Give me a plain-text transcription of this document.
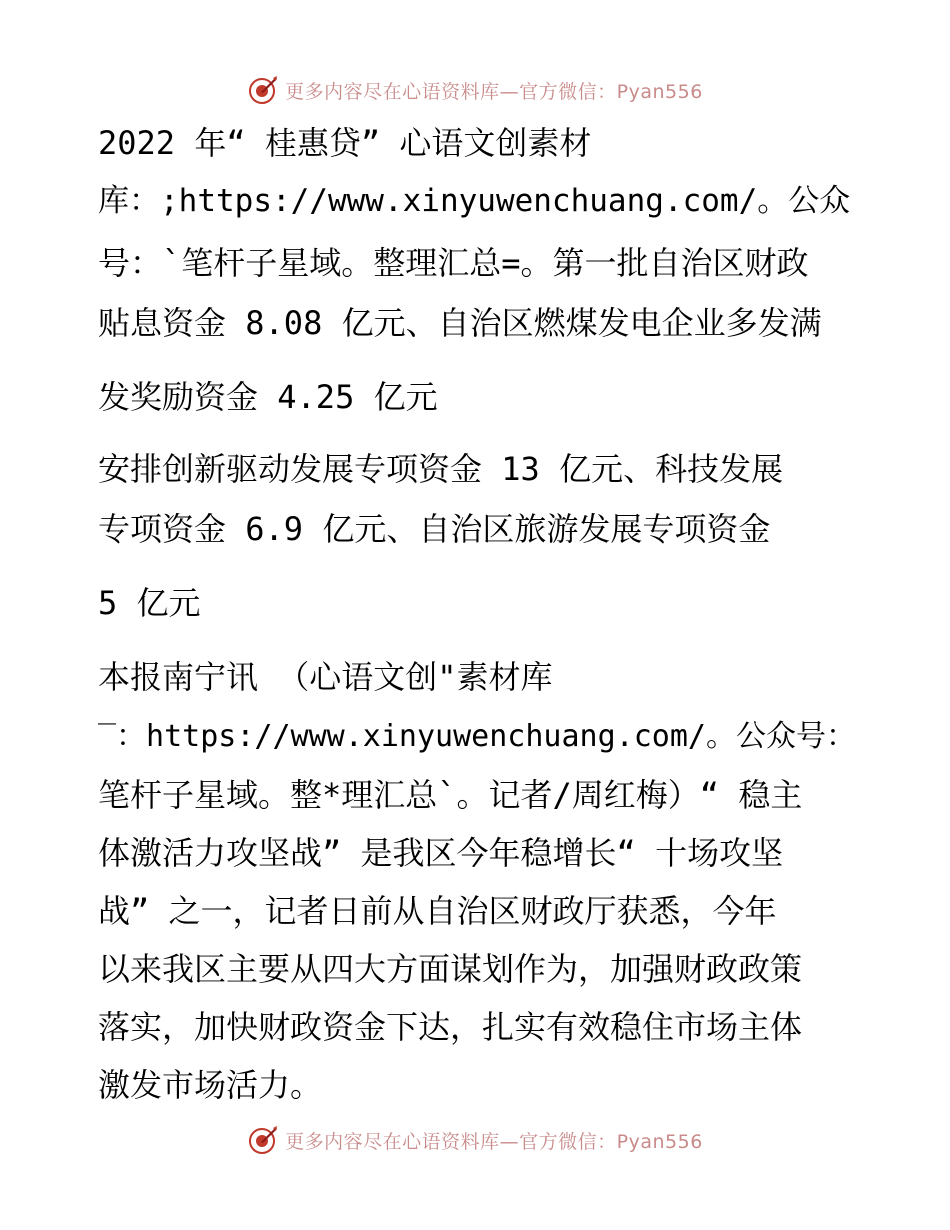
更多内容尽在心语资料库—官方微信：Pyan556
2022 年“ 桂惠贷” 心语文创素材
库：;https://www.xinyuwenchuang.com/。公众
号：`笔杆子星域。整理汇总=。第一批自治区财政
贴息资金 8.08 亿元、自治区燃煤发电企业多发满
发奖励资金 4.25 亿元
安排创新驱动发展专项资金 13 亿元、科技发展
专项资金 6.9 亿元、自治区旅游发展专项资金
5 亿元
本报南宁讯 （心语文创"素材库
‾：https://www.xinyuwenchuang.com/。公众号：
笔杆子星域。整*理汇总`。记者/周红梅）“ 稳主
体激活力攻坚战” 是我区今年稳增长“ 十场攻坚
战” 之一，记者日前从自治区财政厅获悉，今年
以来我区主要从四大方面谋划作为，加强财政政策
落实，加快财政资金下达，扎实有效稳住市场主体
激发市场活力。
更多内容尽在心语资料库—官方微信：Pyan556
